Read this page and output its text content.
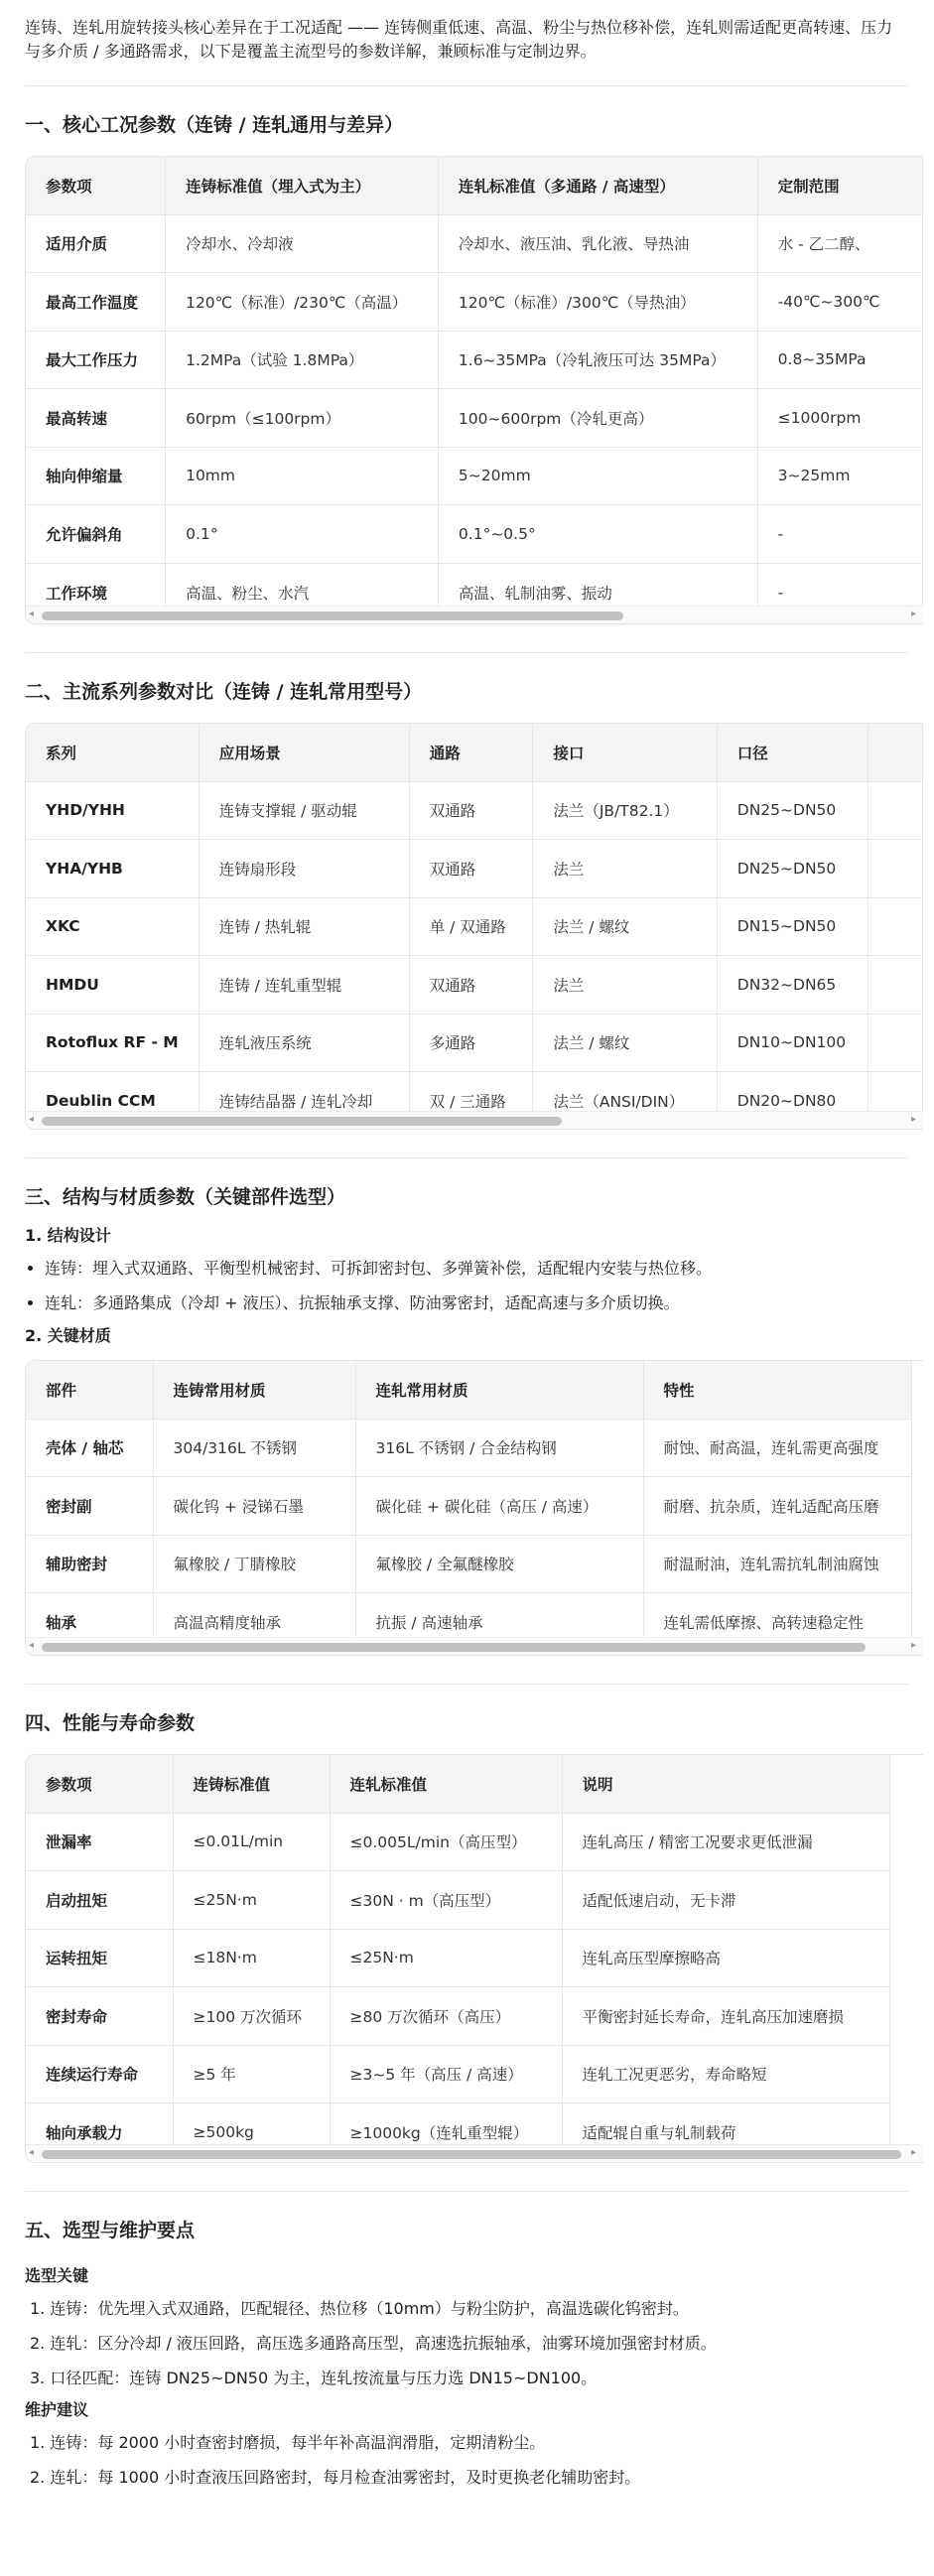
连铸、连轧用旋转接头核心差异在于工况适配 —— 连铸侧重低速、高温、粉尘与热位移补偿，连轧则需适配更高转速、压力与多介质 / 多通路需求，以下是覆盖主流型号的参数详解，兼顾标准与定制边界。

一、核心工况参数（连铸 / 连轧通用与差异）
参数项	连铸标准值（埋入式为主）	连轧标准值（多通路 / 高速型）	定制范围
适用介质	冷却水、冷却液	冷却水、液压油、乳化液、导热油	水 - 乙二醇、
最高工作温度	120℃（标准）/230℃（高温）	120℃（标准）/300℃（导热油）	-40℃~300℃
最大工作压力	1.2MPa（试验 1.8MPa）	1.6~35MPa（冷轧液压可达 35MPa）	0.8~35MPa
最高转速	60rpm（≤100rpm）	100~600rpm（冷轧更高）	≤1000rpm
轴向伸缩量	10mm	5~20mm	3~25mm
允许偏斜角	0.1°	0.1°~0.5°	-
工作环境	高温、粉尘、水汽	高温、轧制油雾、振动	-
◂	▸
二、主流系列参数对比（连铸 / 连轧常用型号）
系列	应用场景	通路	接口	口径	
YHD/YHH	连铸支撑辊 / 驱动辊	双通路	法兰（JB/T82.1）	DN25~DN50	
YHA/YHB	连铸扇形段	双通路	法兰	DN25~DN50	
XKC	连铸 / 热轧辊	单 / 双通路	法兰 / 螺纹	DN15~DN50	
HMDU	连铸 / 连轧重型辊	双通路	法兰	DN32~DN65	
Rotoflux RF - M	连轧液压系统	多通路	法兰 / 螺纹	DN10~DN100	
Deublin CCM	连铸结晶器 / 连轧冷却	双 / 三通路	法兰（ANSI/DIN）	DN20~DN80	
◂	▸
三、结构与材质参数（关键部件选型）
1. 结构设计
• 连铸：埋入式双通路、平衡型机械密封、可拆卸密封包、多弹簧补偿，适配辊内安装与热位移。
• 连轧：多通路集成（冷却 + 液压）、抗振轴承支撑、防油雾密封，适配高速与多介质切换。
2. 关键材质
部件	连铸常用材质	连轧常用材质	特性
壳体 / 轴芯	304/316L 不锈钢	316L 不锈钢 / 合金结构钢	耐蚀、耐高温，连轧需更高强度
密封副	碳化钨 + 浸锑石墨	碳化硅 + 碳化硅（高压 / 高速）	耐磨、抗杂质，连轧适配高压磨
辅助密封	氟橡胶 / 丁腈橡胶	氟橡胶 / 全氟醚橡胶	耐温耐油，连轧需抗轧制油腐蚀
轴承	高温高精度轴承	抗振 / 高速轴承	连轧需低摩擦、高转速稳定性
◂	▸
四、性能与寿命参数
参数项	连铸标准值	连轧标准值	说明
泄漏率	≤0.01L/min	≤0.005L/min（高压型）	连轧高压 / 精密工况要求更低泄漏
启动扭矩	≤25N·m	≤30N · m（高压型）	适配低速启动，无卡滞
运转扭矩	≤18N·m	≤25N·m	连轧高压型摩擦略高
密封寿命	≥100 万次循环	≥80 万次循环（高压）	平衡密封延长寿命，连轧高压加速磨损
连续运行寿命	≥5 年	≥3~5 年（高压 / 高速）	连轧工况更恶劣，寿命略短
轴向承载力	≥500kg	≥1000kg（连轧重型辊）	适配辊自重与轧制载荷
◂	▸
五、选型与维护要点

选型关键

1. 连铸：优先埋入式双通路，匹配辊径、热位移（10mm）与粉尘防护，高温选碳化钨密封。
2. 连轧：区分冷却 / 液压回路，高压选多通路高压型，高速选抗振轴承，油雾环境加强密封材质。
3. 口径匹配：连铸 DN25~DN50 为主，连轧按流量与压力选 DN15~DN100。

维护建议

1. 连铸：每 2000 小时查密封磨损，每半年补高温润滑脂，定期清粉尘。
2. 连轧：每 1000 小时查液压回路密封，每月检查油雾密封，及时更换老化辅助密封。
